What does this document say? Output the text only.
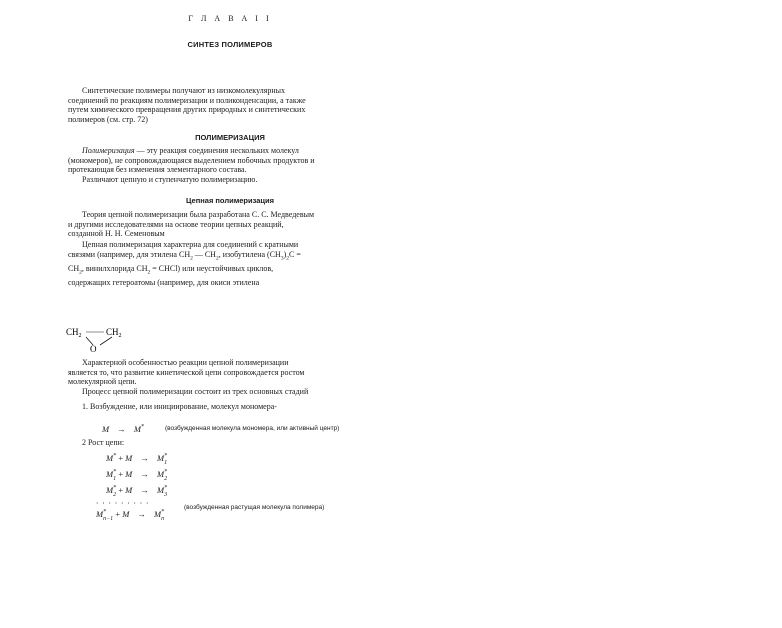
Г Л А В А I I
СИНТЕЗ ПОЛИМЕРОВ
Синтетические полимеры получают из низкомолекулярных
соединений по реакциям полимеризации и поликонденсации, а также
путем химического превращения других природных и синтетических
полимеров (см. стр. 72)
ПОЛИМЕРИЗАЦИЯ
Полимеризация — эту реакция соединения нескольких молекул
(мономеров), не сопровождающаяся выделением побочных продуктов и
протекающая без изменения элементарного состава.
Различают цепную и ступенчатую полимеризацию.
Цепная полимеризация
Теория цепной полимеризации была разработана С. С. Медведевым
и другими исследователями на основе теории цепных реакций,
созданной Н. Н. Семеновым
Цепная полимеризация характерна для соединений с кратными
связями (например, для этилена $CH_2$ — $CH_2$, изобутилена $(CH_3)_2C$ =
$CH_2$, винилхлорида $CH_2$ = CHCl) или неустойчивых циклов,
содержащих гетероатомы (например, для окиси этилена
$CH_2$	$CH_2$
O
Характерной особенностью реакции цепной полимеризации
является то, что развитие кинетической цепи сопровождается ростом
молекулярной цепи.
Процесс цепной полимеризации состоит из трех основных стадий
1. Возбуждение, или инициирование, молекул мономера-
M → M*	(возбужденная молекула мономера, или активный центр)
2 Рост цепи:
$M^* + M \to M^*_1$
$M^*_1 + M \to M^*_2$
$M^*_2 + M \to M^*_3$
· · · · · · · · ·
$M^*_{n-1} + M \to M^*_n$
(возбужденная растущая молекула полимера)
